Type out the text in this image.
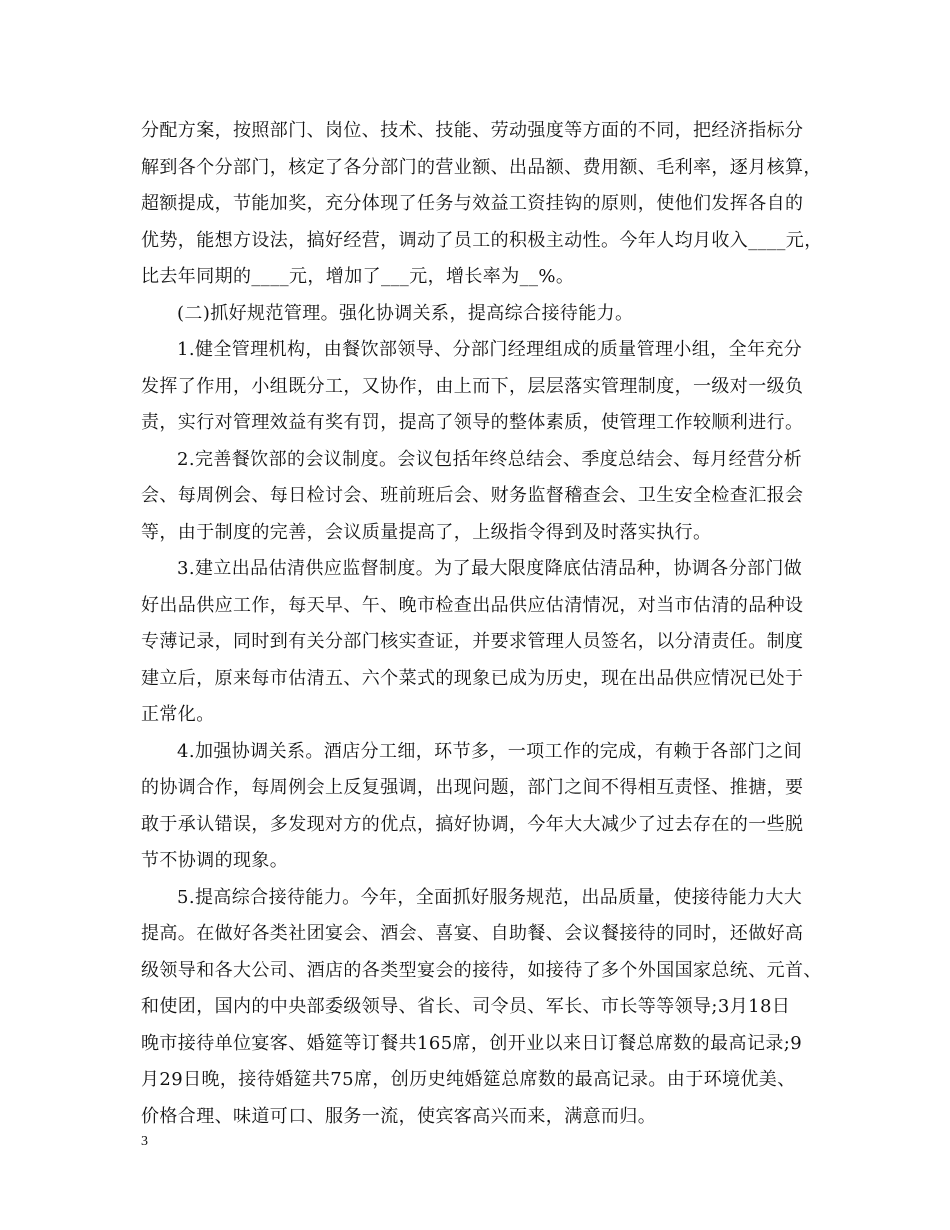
分配方案，按照部门、岗位、技术、技能、劳动强度等方面的不同，把经济指标分
解到各个分部门，核定了各分部门的营业额、出品额、费用额、毛利率，逐月核算，
超额提成，节能加奖，充分体现了任务与效益工资挂钩的原则，使他们发挥各自的
优势，能想方设法，搞好经营，调动了员工的积极主动性。今年人均月收入____元，
比去年同期的____元，增加了___元，增长率为__%。
(二)抓好规范管理。强化协调关系，提高综合接待能力。
1.健全管理机构，由餐饮部领导、分部门经理组成的质量管理小组，全年充分
发挥了作用，小组既分工，又协作，由上而下，层层落实管理制度，一级对一级负
责，实行对管理效益有奖有罚，提高了领导的整体素质，使管理工作较顺利进行。
2.完善餐饮部的会议制度。会议包括年终总结会、季度总结会、每月经营分析
会、每周例会、每日检讨会、班前班后会、财务监督稽查会、卫生安全检查汇报会
等，由于制度的完善，会议质量提高了，上级指令得到及时落实执行。
3.建立出品估清供应监督制度。为了最大限度降底估清品种，协调各分部门做
好出品供应工作，每天早、午、晚市检查出品供应估清情况，对当市估清的品种设
专薄记录，同时到有关分部门核实查证，并要求管理人员签名，以分清责任。制度
建立后，原来每市估清五、六个菜式的现象已成为历史，现在出品供应情况已处于
正常化。
4.加强协调关系。酒店分工细，环节多，一项工作的完成，有赖于各部门之间
的协调合作，每周例会上反复强调，出现问题，部门之间不得相互责怪、推搪，要
敢于承认错误，多发现对方的优点，搞好协调，今年大大减少了过去存在的一些脱
节不协调的现象。
5.提高综合接待能力。今年，全面抓好服务规范，出品质量，使接待能力大大
提高。在做好各类社团宴会、酒会、喜宴、自助餐、会议餐接待的同时，还做好高
级领导和各大公司、酒店的各类型宴会的接待，如接待了多个外国国家总统、元首、
和使团，国内的中央部委级领导、省长、司令员、军长、市长等等领导;3月18日
晚市接待单位宴客、婚筵等订餐共165席，创开业以来日订餐总席数的最高记录;9
月29日晚，接待婚筵共75席，创历史纯婚筵总席数的最高记录。由于环境优美、
价格合理、味道可口、服务一流，使宾客高兴而来，满意而归。
3
